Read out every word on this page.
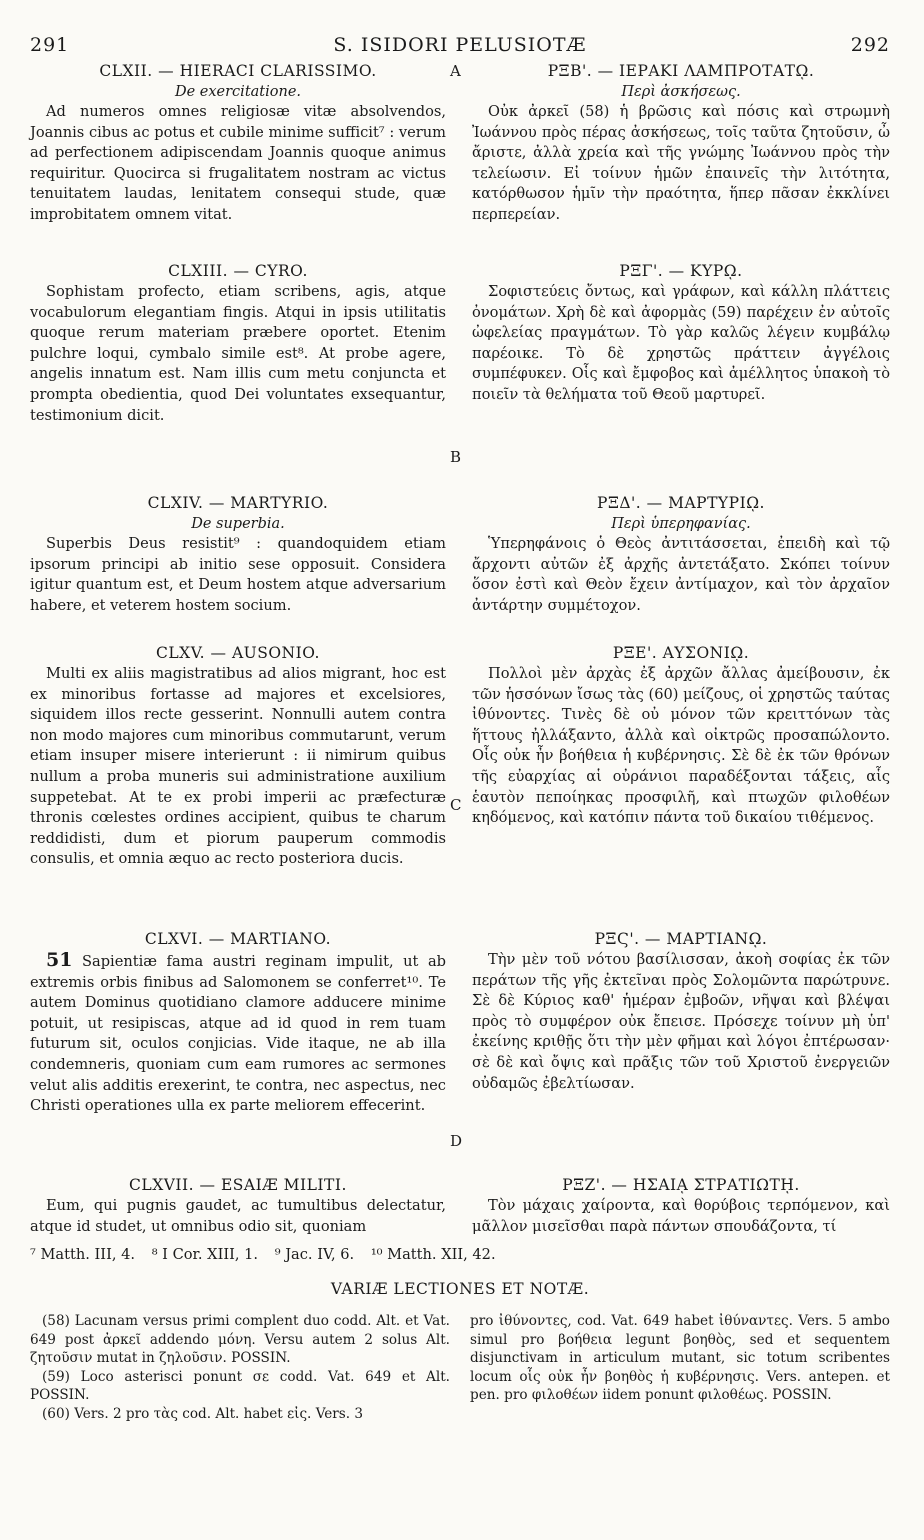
291	S. ISIDORI PELUSIOTÆ	292
CLXII. — HIERACI CLARISSIMO.
De exercitatione.

Ad numeros omnes religiosæ vitæ absolvendos, Joannis cibus ac potus et cubile minime sufficit⁷ : verum ad perfectionem adipiscendam Joannis quoque animus requiritur. Quocirca si frugalitatem nostram ac victus tenuitatem laudas, lenitatem consequi stude, quæ improbitatem omnem vitat.

CLXIII. — CYRO.

Sophistam profecto, etiam scribens, agis, atque vocabulorum elegantiam fingis. Atqui in ipsis utilitatis quoque rerum materiam præbere oportet. Etenim pulchre loqui, cymbalo simile est⁸. At probe agere, angelis innatum est. Nam illis cum metu conjuncta et prompta obedientia, quod Dei voluntates exsequantur, testimonium dicit.

CLXIV. — MARTYRIO.
De superbia.

Superbis Deus resistit⁹ : quandoquidem etiam ipsorum principi ab initio sese opposuit. Considera igitur quantum est, et Deum hostem atque adversarium habere, et veterem hostem socium.

CLXV. — AUSONIO.

Multi ex aliis magistratibus ad alios migrant, hoc est ex minoribus fortasse ad majores et excelsiores, siquidem illos recte gesserint. Nonnulli autem contra non modo majores cum minoribus commutarunt, verum etiam insuper misere interierunt : ii nimirum quibus nullum a proba muneris sui administratione auxilium suppetebat. At te ex probi imperii ac præfecturæ thronis cœlestes ordines accipient, quibus te charum reddidisti, dum et piorum pauperum commodis consulis, et omnia æquo ac recto posteriora ducis.

CLXVI. — MARTIANO.

51 Sapientiæ fama austri reginam impulit, ut ab extremis orbis finibus ad Salomonem se conferret¹⁰. Te autem Dominus quotidiano clamore adducere minime potuit, ut resipiscas, atque ad id quod in rem tuam futurum sit, oculos conjicias. Vide itaque, ne ab illa condemneris, quoniam cum eam rumores ac sermones velut alis additis erexerint, te contra, nec aspectus, nec Christi operationes ulla ex parte meliorem effecerint.

CLXVII. — ESAIÆ MILITI.

Eum, qui pugnis gaudet, ac tumultibus delectatur, atque id studet, ut omnibus odio sit, quoniam

A
B
C
D
ΡΞΒ'. — ΙΕΡΑΚΙ ΛΑΜΠΡΟΤΑΤῼ.
Περὶ ἀσκήσεως.

Οὐκ ἀρκεῖ (58) ἡ βρῶσις καὶ πόσις καὶ στρωμνὴ Ἰωάννου πρὸς πέρας ἀσκήσεως, τοῖς ταῦτα ζητοῦσιν, ὦ ἄριστε, ἀλλὰ χρεία καὶ τῆς γνώμης Ἰωάννου πρὸς τὴν τελείωσιν. Εἰ τοίνυν ἡμῶν ἐπαινεῖς τὴν λιτότητα, κατόρθωσον ἡμῖν τὴν πραότητα, ἥπερ πᾶσαν ἐκκλίνει περπερείαν.

ΡΞΓ'. — ΚΥΡῼ.

Σοφιστεύεις ὄντως, καὶ γράφων, καὶ κάλλη πλάττεις ὀνομάτων. Χρὴ δὲ καὶ ἀφορμὰς (59) παρέχειν ἐν αὐτοῖς ὠφελείας πραγμάτων. Τὸ γὰρ καλῶς λέγειν κυμβάλῳ παρέοικε. Τὸ δὲ χρηστῶς πράττειν ἀγγέλοις συμπέφυκεν. Οἷς καὶ ἔμφοβος καὶ ἀμέλλητος ὑπακοὴ τὸ ποιεῖν τὰ θελήματα τοῦ Θεοῦ μαρτυρεῖ.

ΡΞΔ'. — ΜΑΡΤΥΡΙῼ.
Περὶ ὑπερηφανίας.

Ὑπερηφάνοις ὁ Θεὸς ἀντιτάσσεται, ἐπειδὴ καὶ τῷ ἄρχοντι αὐτῶν ἐξ ἀρχῆς ἀντετάξατο. Σκόπει τοίνυν ὅσον ἐστὶ καὶ Θεὸν ἔχειν ἀντίμαχον, καὶ τὸν ἀρχαῖον ἀντάρτην συμμέτοχον.

ΡΞΕ'. ΑΥΣΟΝΙῼ.

Πολλοὶ μὲν ἀρχὰς ἐξ ἀρχῶν ἄλλας ἀμείβουσιν, ἐκ τῶν ἡσσόνων ἴσως τὰς (60) μείζους, οἱ χρηστῶς ταύτας ἰθύνοντες. Τινὲς δὲ οὐ μόνον τῶν κρειττόνων τὰς ἥττους ἠλλάξαντο, ἀλλὰ καὶ οἰκτρῶς προσαπώλοντο. Οἷς οὐκ ἦν βοήθεια ἡ κυβέρνησις. Σὲ δὲ ἐκ τῶν θρόνων τῆς εὐαρχίας αἱ οὐράνιοι παραδέξονται τάξεις, αἷς ἑαυτὸν πεποίηκας προσφιλῆ, καὶ πτωχῶν φιλοθέων κηδόμενος, καὶ κατόπιν πάντα τοῦ δικαίου τιθέμενος.

ΡΞϚ'. — ΜΑΡΤΙΑΝῼ.

Τὴν μὲν τοῦ νότου βασίλισσαν, ἀκοὴ σοφίας ἐκ τῶν περάτων τῆς γῆς ἐκτεῖναι πρὸς Σολομῶντα παρώτρυνε. Σὲ δὲ Κύριος καθ' ἡμέραν ἐμβοῶν, νῆψαι καὶ βλέψαι πρὸς τὸ συμφέρον οὐκ ἔπεισε. Πρόσεχε τοίνυν μὴ ὑπ' ἐκείνης κριθῇς ὅτι τὴν μὲν φῆμαι καὶ λόγοι ἐπτέρωσαν· σὲ δὲ καὶ ὄψις καὶ πρᾶξις τῶν τοῦ Χριστοῦ ἐνεργειῶν οὐδαμῶς ἐβελτίωσαν.

ΡΞΖ'. — ΗΣΑΙᾼ ΣΤΡΑΤΙΩΤῌ.

Τὸν μάχαις χαίροντα, καὶ θορύβοις τερπόμενον, καὶ μᾶλλον μισεῖσθαι παρὰ πάντων σπουδάζοντα, τί

⁷ Matth. III, 4. ⁸ I Cor. XIII, 1. ⁹ Jac. IV, 6. ¹⁰ Matth. XII, 42.
VARIÆ LECTIONES ET NOTÆ.

(58) Lacunam versus primi complent duo codd. Alt. et Vat. 649 post ἀρκεῖ addendo μόνη. Versu autem 2 solus Alt. ζητοῦσιν mutat in ζηλοῦσιν. POSSIN.

(59) Loco asterisci ponunt σε codd. Vat. 649 et Alt. POSSIN.

(60) Vers. 2 pro τὰς cod. Alt. habet εἰς. Vers. 3

pro ἰθύνοντες, cod. Vat. 649 habet ἰθύναντες. Vers. 5 ambo simul pro βοήθεια legunt βοηθὸς, sed et sequentem disjunctivam in articulum mutant, sic totum scribentes locum οἷς οὐκ ἦν βοηθὸς ἡ κυβέρνησις. Vers. antepen. et pen. pro φιλοθέων iidem ponunt φιλοθέως. POSSIN.
